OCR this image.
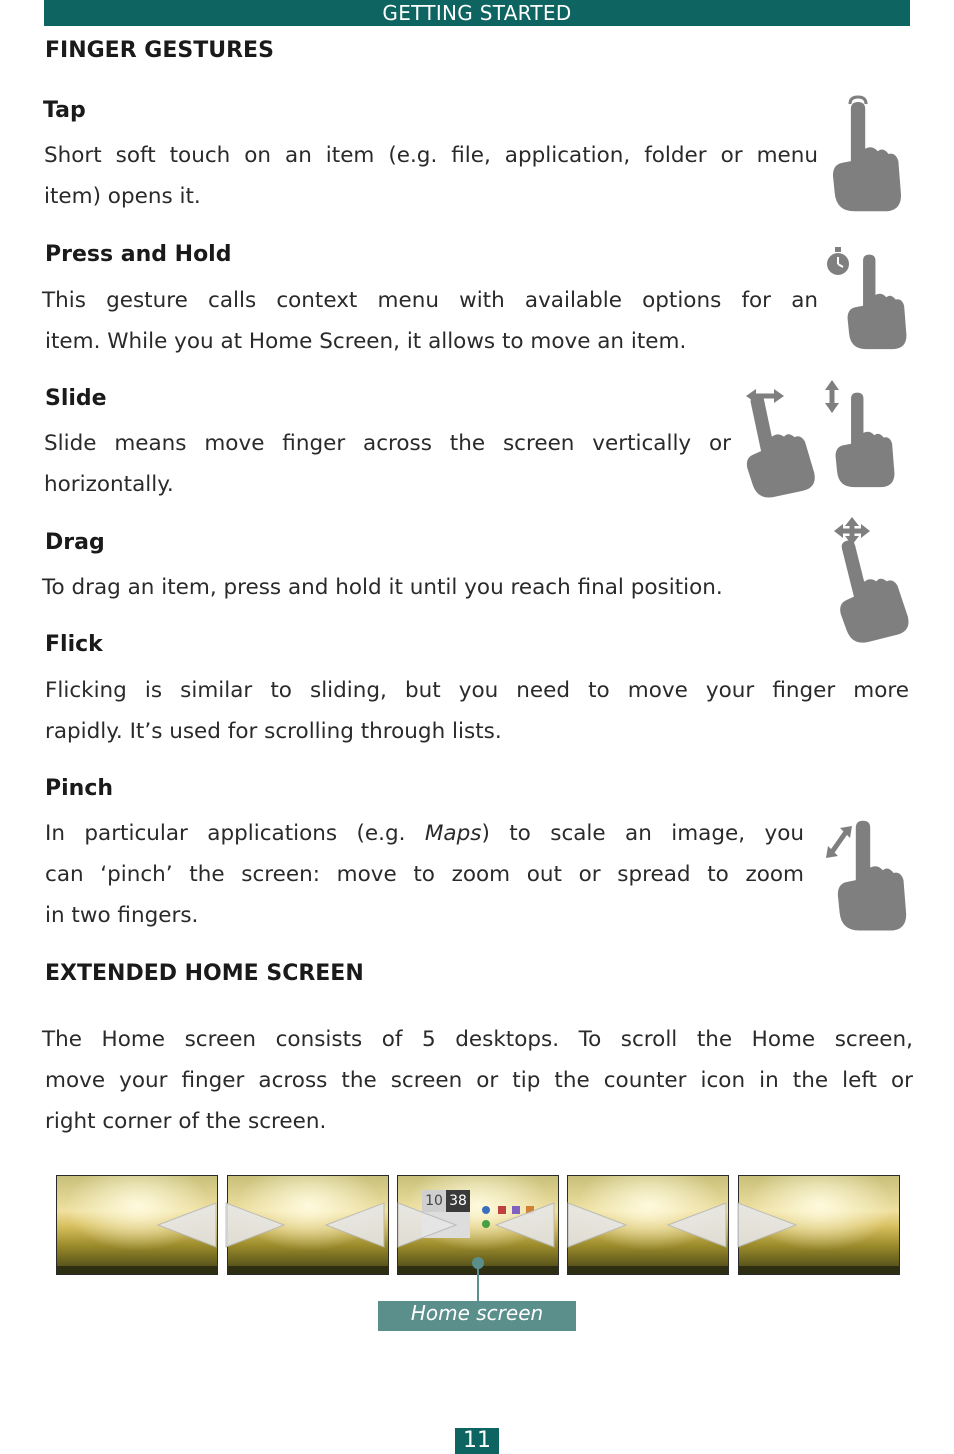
GETTING STARTED
FINGER GESTURES
Tap
Short soft touch on an item (e.g. file, application, folder or menu
item) opens it.
Press and Hold
This gesture calls context menu with available options for an
item. While you at Home Screen, it allows to move an item.
Slide
Slide means move finger across the screen vertically or
horizontally.
Drag
To drag an item, press and hold it until you reach final position.
Flick
Flicking is similar to sliding, but you need to move your finger more
rapidly. It’s used for scrolling through lists.
Pinch
In particular applications (e.g. Maps) to scale an image, you
can ‘pinch’ the screen: move to zoom out or spread to zoom
in two fingers.
EXTENDED HOME SCREEN
The Home screen consists of 5 desktops. To scroll the Home screen,
move your finger across the screen or tip the counter icon in the left or
right corner of the screen.
10 38
Home screen
11
